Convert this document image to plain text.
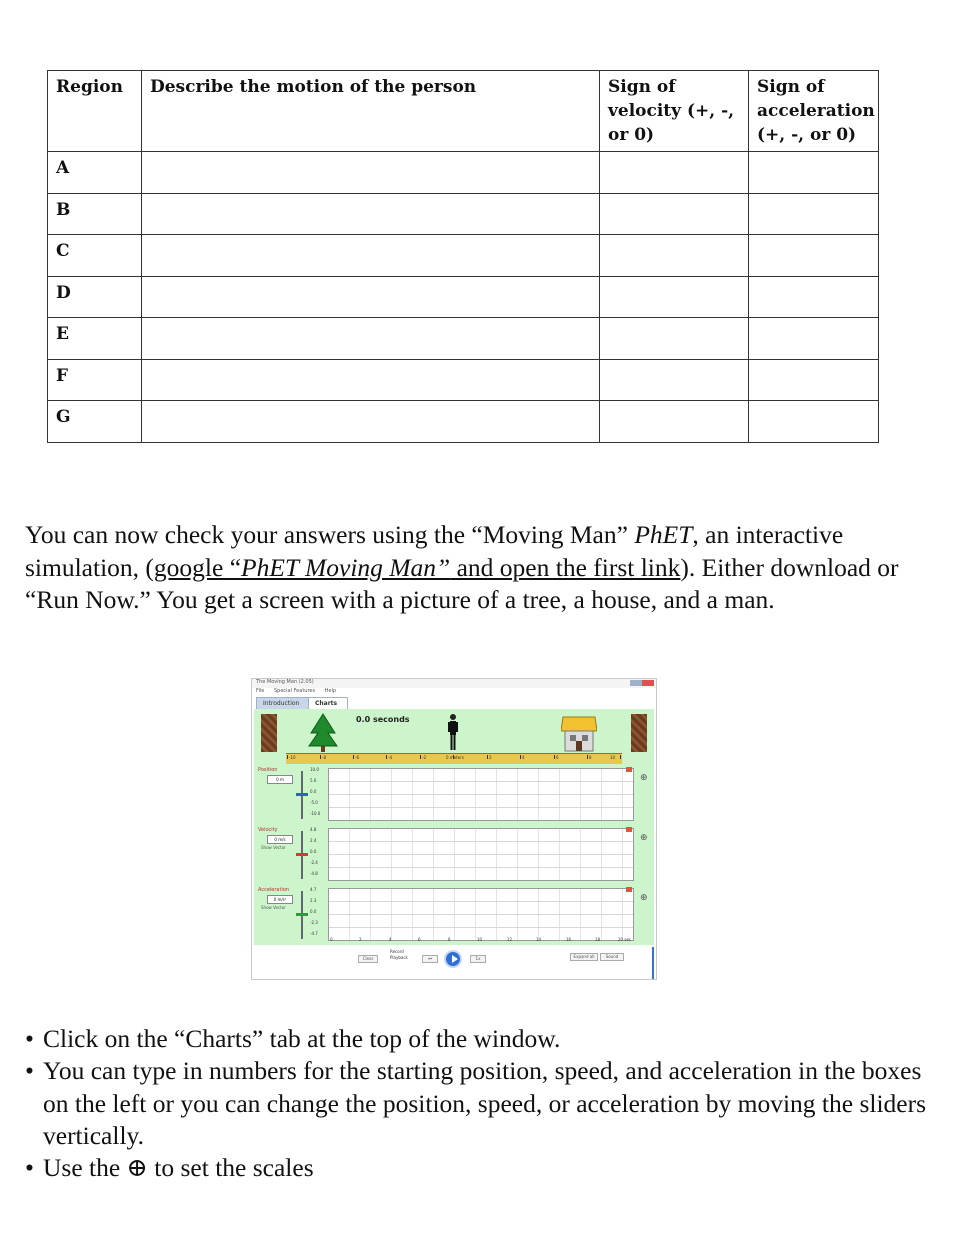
Region	Describe the motion of the person	Sign of velocity (+, -, or 0)	Sign of acceleration (+, -, or 0)
A			
B			
C			
D			
E			
F			
G			

You can now check your answers using the “Moving Man” PhET, an interactive simulation, (google “PhET Moving Man” and open the first link). Either download or “Run Now.” You get a screen with a picture of a tree, a house, and a man.

The Moving Man (2.05)
File Special Features Help
Introduction	Charts
0.0 seconds
-10	-8	-6	-4	-2	0 meters	2	4	6	8	10
Position
0 m
10.0
5.0
0.0
-5.0
-10.0
⊕
Velocity
0 m/s
Show Vector
4.8
2.4
0.0
-2.4
-4.8
⊕
Acceleration
0 m/s²
Show Vector
4.7
2.3
0.0
-2.3
-4.7
⊕
0	2	4	6	8	10	12	14	16	18	20 sec
Clear
Record
Playback	⏮	1x	Expand all	Sound
• Click on the “Charts” tab at the top of the window.
• You can type in numbers for the starting position, speed, and acceleration in the boxes on the left or you can change the position, speed, or acceleration by moving the sliders vertically.
• Use the ⊕ to set the scales
